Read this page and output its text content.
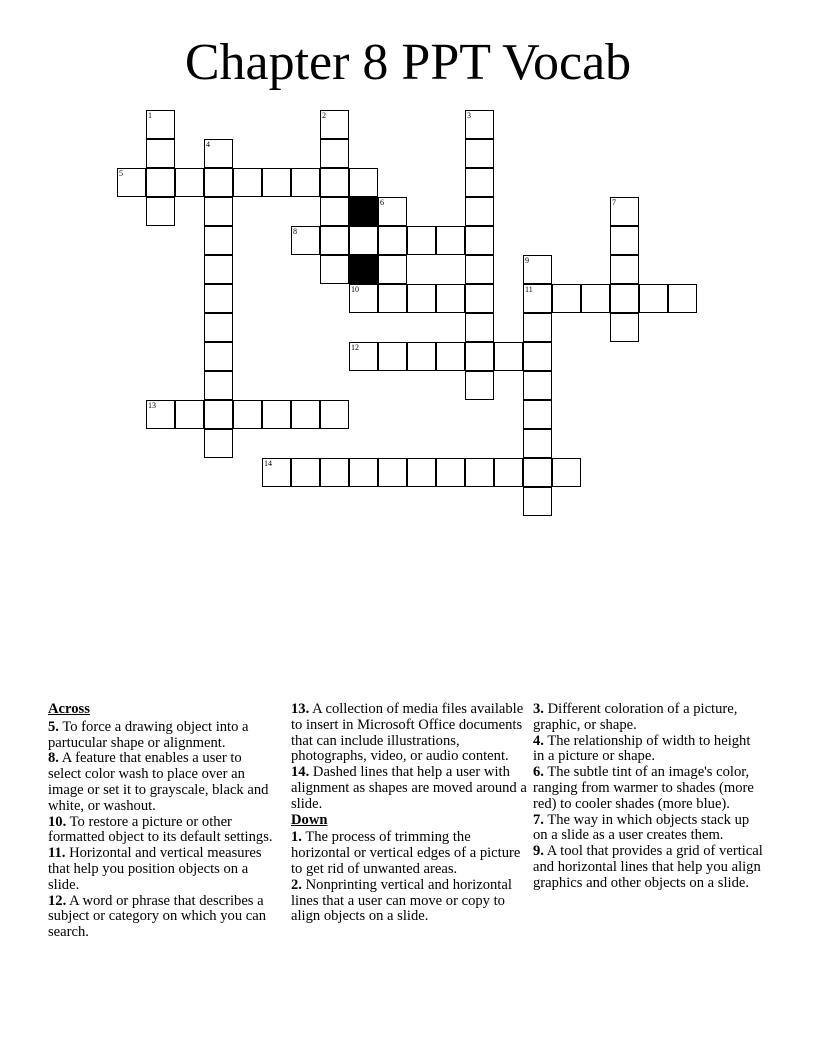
Chapter 8 PPT Vocab
1	2	3
4
5
6	7
8
9
11
10
12
13
14
Across
5. To force a drawing object into a partucular shape or alignment.
8. A feature that enables a user to select color wash to place over an image or set it to grayscale, black and white, or washout.
10. To restore a picture or other formatted object to its default settings.
11. Horizontal and vertical measures that help you position objects on a slide.
12. A word or phrase that describes a subject or category on which you can search.
13. A collection of media files available to insert in Microsoft Office documents that can include illustrations, photographs, video, or audio content.
14. Dashed lines that help a user with alignment as shapes are moved around a slide.
Down
1. The process of trimming the horizontal or vertical edges of a picture to get rid of unwanted areas.
2. Nonprinting vertical and horizontal lines that a user can move or copy to align objects on a slide.
3. Different coloration of a picture, graphic, or shape.
4. The relationship of width to height in a picture or shape.
6. The subtle tint of an image's color, ranging from warmer to shades (more red) to cooler shades (more blue).
7. The way in which objects stack up on a slide as a user creates them.
9. A tool that provides a grid of vertical and horizontal lines that help you align graphics and other objects on a slide.
